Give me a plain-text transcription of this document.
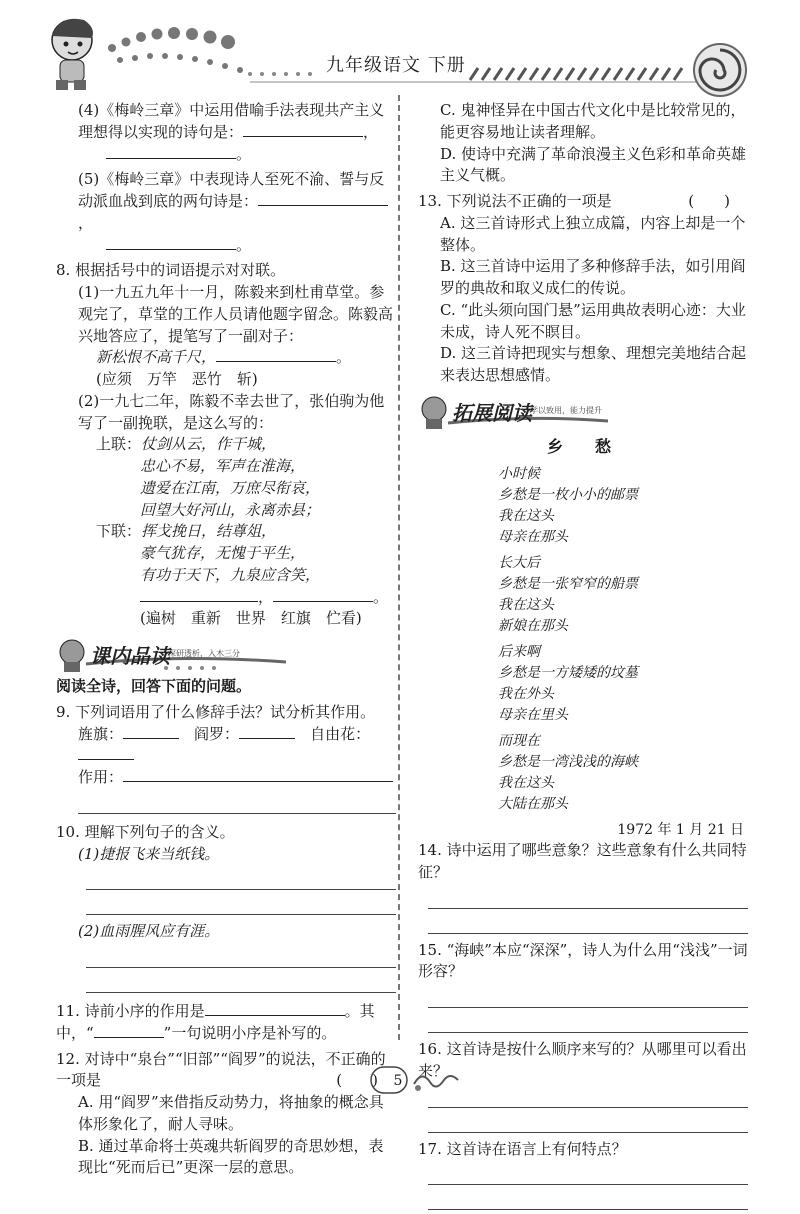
九年级语文 下册

(4)《梅岭三章》中运用借喻手法表现共产主义理想得以实现的诗句是：	，

。

(5)《梅岭三章》中表现诗人至死不渝、誓与反动派血战到底的两句诗是：，

。

8. 根据括号中的词语提示对对联。

(1)一九五九年十一月，陈毅来到杜甫草堂。参观完了，草堂的工作人员请他题字留念。陈毅高兴地答应了，提笔写了一副对子：

新松恨不高千尺，	。

(应须　万竿　恶竹　斩)

(2)一九七二年，陈毅不幸去世了，张伯驹为他写了一副挽联，是这么写的：

上联：仗剑从云，作干城，

忠心不易，军声在淮海，

遗爱在江南，万庶尽衔哀，

回望大好河山，永离赤县；

下联：挥戈挽日，结尊俎，

豪气犹存，无愧于平生，

有功于天下，九泉应含笑，

，	。

(遍树　重新　世界　红旗　伫看)

课内品读
深研透析，入木三分

阅读全诗，回答下面的问题。

9. 下列词语用了什么修辞手法？试分析其作用。

旌旗：　	阎罗：　	自由花：

作用：

10. 理解下列句子的含义。

(1)捷报飞来当纸钱。

(2)血雨腥风应有涯。

11. 诗前小序的作用是	。其中，“	”一句说明小序是补写的。

12. 对诗中“泉台”“旧部”“阎罗”的说法，不正确的一项是	(　　)

A. 用“阎罗”来借指反动势力，将抽象的概念具体形象化了，耐人寻味。

B. 通过革命将士英魂共斩阎罗的奇思妙想，表现比“死而后已”更深一层的意思。

C. 鬼神怪异在中国古代文化中是比较常见的，能更容易地让读者理解。

D. 使诗中充满了革命浪漫主义色彩和革命英雄主义气概。

13. 下列说法不正确的一项是	(　　)

A. 这三首诗形式上独立成篇，内容上却是一个整体。

B. 这三首诗中运用了多种修辞手法，如引用阎罗的典故和取义成仁的传说。

C. “此头须向国门悬”运用典故表明心迹：大业未成，诗人死不瞑目。

D. 这三首诗把现实与想象、理想完美地结合起来表达思想感情。

拓展阅读
学以致用，能力提升
乡　愁
小时候
乡愁是一枚小小的邮票
我在这头
母亲在那头
长大后
乡愁是一张窄窄的船票
我在这头
新娘在那头
后来啊
乡愁是一方矮矮的坟墓
我在外头
母亲在里头
而现在
乡愁是一湾浅浅的海峡
我在这头
大陆在那头
1972 年 1 月 21 日

14. 诗中运用了哪些意象？这些意象有什么共同特征？

15. “海峡”本应“深深”，诗人为什么用“浅浅”一词形容？

16. 这首诗是按什么顺序来写的？从哪里可以看出来？

17. 这首诗在语言上有何特点？

5
